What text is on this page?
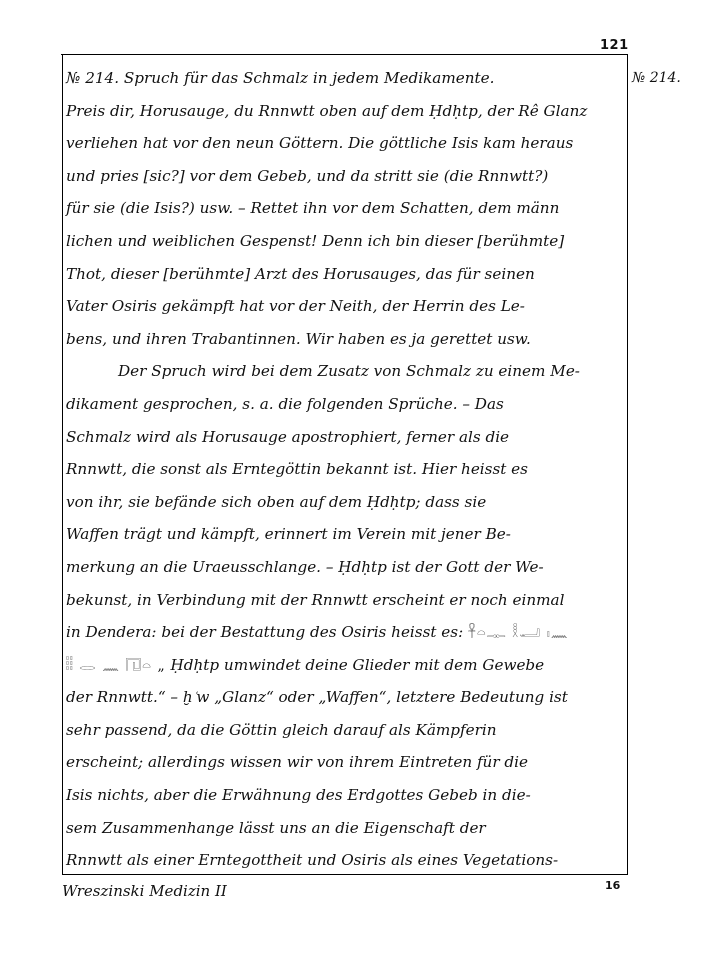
121
№ 214.
№ 214. Spruch für das Schmalz in jedem Medikamente.
Preis dir, Horusauge, du Rnnwtt oben auf dem Ḥdḥtp, der Rê Glanz
verliehen hat vor den neun Göttern. Die göttliche Isis kam heraus
und pries [sic?] vor dem Gebeb, und da stritt sie (die Rnnwtt?)
für sie (die Isis?) usw. – Rettet ihn vor dem Schatten, dem männ
lichen und weiblichen Gespenst! Denn ich bin dieser [berühmte]
Thot, dieser [berühmte] Arzt des Horusauges, das für seinen
Vater Osiris gekämpft hat vor der Neith, der Herrin des Le-
bens, und ihren Trabantinnen. Wir haben es ja gerettet usw.
Der Spruch wird bei dem Zusatz von Schmalz zu einem Me-
dikament gesprochen, s. a. die folgenden Sprüche. – Das
Schmalz wird als Horusauge apostrophiert, ferner als die
Rnnwtt, die sonst als Erntegöttin bekannt ist. Hier heisst es
von ihr, sie befände sich oben auf dem Ḥdḥtp; dass sie
Waffen trägt und kämpft, erinnert im Verein mit jener Be-
merkung an die Uraeusschlange. – Ḥdḥtp ist der Gott der We-
bekunst, in Verbindung mit der Rnnwtt erscheint er noch einmal
in Dendera: bei der Bestattung des Osiris heisst es: 𓋹𓏏𓊃 𓎛𓂝 𓏤𓈖
𓏪𓏪 𓂋 𓈖 𓉔𓏏 „ Ḥdḥtp umwindet deine Glieder mit dem Gewebe
der Rnnwtt.“ – ḫ ͑w „Glanz“ oder „Waffen“, letztere Bedeutung ist
sehr passend, da die Göttin gleich darauf als Kämpferin
erscheint; allerdings wissen wir von ihrem Eintreten für die
Isis nichts, aber die Erwähnung des Erdgottes Gebeb in die-
sem Zusammenhange lässt uns an die Eigenschaft der
Rnnwtt als einer Erntegottheit und Osiris als eines Vegetations-
Wreszinski Medizin II	16
